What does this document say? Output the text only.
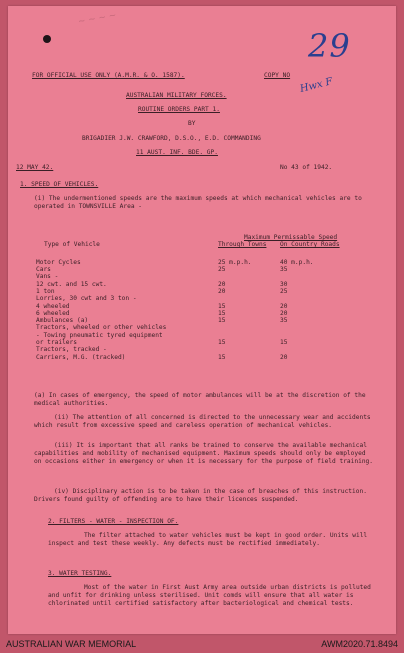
~ ~ ~ ~
29
Hwx F
FOR OFFICIAL USE ONLY (A.M.R. & O. 1587).	COPY NO
AUSTRALIAN MILITARY FORCES.
ROUTINE ORDERS PART 1.
BY
BRIGADIER J.W. CRAWFORD, D.S.O., E.D. COMMANDING
11 AUST. INF. BDE. GP.
12 MAY 42.	No 43 of 1942.
1. SPEED OF VEHICLES.
(i) The undermentioned speeds are the maximum speeds at which mechanical vehicles are to operated in TOWNSVILLE Area -
	Maximum Permissable Speed	
Type of Vehicle	Through Towns	On Country Roads

Motor Cycles	25 m.p.h.	40 m.p.h.
Cars	25	35
Vans -		
12 cwt. and 15 cwt.	20	30
1 ton	20	25
Lorries, 30 cwt and 3 ton -		
4 wheeled	15	20
6 wheeled	15	20
Ambulances (a)	15	35
Tractors, wheeled or other vehicles		
- Towing pneumatic tyred equipment		
or trailers	15	15
Tractors, tracked -		
Carriers, M.G. (tracked)	15	20
(a) In cases of emergency, the speed of motor ambulances will be at the discretion of the medical authorities.
(ii) The attention of all concerned is directed to the unnecessary wear and accidents which result from excessive speed and careless operation of mechanical vehicles.
(iii) It is important that all ranks be trained to conserve the available mechanical capabilities and mobility of mechanised equipment. Maximum speeds should only be employed on occasions either in emergency or when it is necessary for the purpose of field training.
(iv) Disciplinary action is to be taken in the case of breaches of this instruction. Drivers found guilty of offending are to have their licences suspended.
2. FILTERS - WATER - INSPECTION OF.
The filter attached to water vehicles must be kept in good order. Units will inspect and test these weekly. Any defects must be rectified immediately.
3. WATER TESTING.
Most of the water in First Aust Army area outside urban districts is polluted and unfit for drinking unless sterilised. Unit comds will ensure that all water is chlorinated until certified satisfactory after bacteriological and chemical tests.
AUSTRALIAN WAR MEMORIAL	AWM2020.71.8494
